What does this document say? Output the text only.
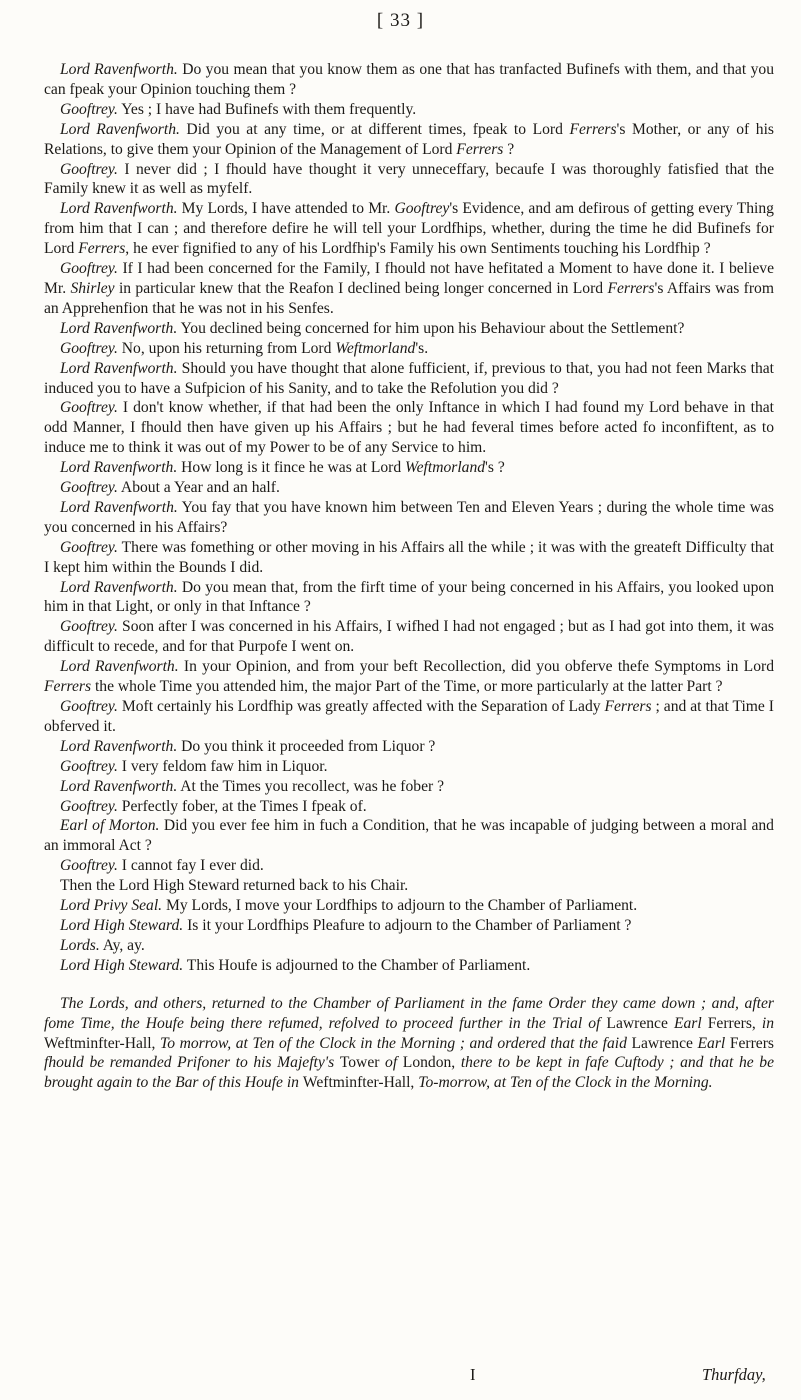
[ 33 ]

Lord Ravenfworth. Do you mean that you know them as one that has tranfacted Bufinefs with them, and that you can fpeak your Opinion touching them ?

Gooftrey. Yes ; I have had Bufinefs with them frequently.

Lord Ravenfworth. Did you at any time, or at different times, fpeak to Lord Ferrers's Mother, or any of his Relations, to give them your Opinion of the Management of Lord Ferrers ?

Gooftrey. I never did ; I fhould have thought it very unneceffary, becaufe I was thoroughly fatisfied that the Family knew it as well as myfelf.

Lord Ravenfworth. My Lords, I have attended to Mr. Gooftrey's Evidence, and am defirous of getting every Thing from him that I can ; and therefore defire he will tell your Lordfhips, whether, during the time he did Bufinefs for Lord Ferrers, he ever fignified to any of his Lordfhip's Family his own Sentiments touching his Lordfhip ?

Gooftrey. If I had been concerned for the Family, I fhould not have hefitated a Moment to have done it. I believe Mr. Shirley in particular knew that the Reafon I declined being longer concerned in Lord Ferrers's Affairs was from an Apprehenfion that he was not in his Senfes.

Lord Ravenfworth. You declined being concerned for him upon his Behaviour about the Settlement?

Gooftrey. No, upon his returning from Lord Weftmorland's.

Lord Ravenfworth. Should you have thought that alone fufficient, if, previous to that, you had not feen Marks that induced you to have a Sufpicion of his Sanity, and to take the Refolution you did ?

Gooftrey. I don't know whether, if that had been the only Inftance in which I had found my Lord behave in that odd Manner, I fhould then have given up his Affairs ; but he had feveral times before acted fo inconfiftent, as to induce me to think it was out of my Power to be of any Service to him.

Lord Ravenfworth. How long is it fince he was at Lord Weftmorland's ?

Gooftrey. About a Year and an half.

Lord Ravenfworth. You fay that you have known him between Ten and Eleven Years ; during the whole time was you concerned in his Affairs?

Gooftrey. There was fomething or other moving in his Affairs all the while ; it was with the greateft Difficulty that I kept him within the Bounds I did.

Lord Ravenfworth. Do you mean that, from the firft time of your being concerned in his Affairs, you looked upon him in that Light, or only in that Inftance ?

Gooftrey. Soon after I was concerned in his Affairs, I wifhed I had not engaged ; but as I had got into them, it was difficult to recede, and for that Purpofe I went on.

Lord Ravenfworth. In your Opinion, and from your beft Recollection, did you obferve thefe Symptoms in Lord Ferrers the whole Time you attended him, the major Part of the Time, or more particularly at the latter Part ?

Gooftrey. Moft certainly his Lordfhip was greatly affected with the Separation of Lady Ferrers ; and at that Time I obferved it.

Lord Ravenfworth. Do you think it proceeded from Liquor ?

Gooftrey. I very feldom faw him in Liquor.

Lord Ravenfworth. At the Times you recollect, was he fober ?

Gooftrey. Perfectly fober, at the Times I fpeak of.

Earl of Morton. Did you ever fee him in fuch a Condition, that he was incapable of judging between a moral and an immoral Act ?

Gooftrey. I cannot fay I ever did.

Then the Lord High Steward returned back to his Chair.

Lord Privy Seal. My Lords, I move your Lordfhips to adjourn to the Chamber of Parliament.

Lord High Steward. Is it your Lordfhips Pleafure to adjourn to the Chamber of Parliament ?

Lords. Ay, ay.

Lord High Steward. This Houfe is adjourned to the Chamber of Parliament.

The Lords, and others, returned to the Chamber of Parliament in the fame Order they came down ; and, after fome Time, the Houfe being there refumed, refolved to proceed further in the Trial of Lawrence Earl Ferrers, in Weftminfter-Hall, To morrow, at Ten of the Clock in the Morning ; and ordered that the faid Lawrence Earl Ferrers fhould be remanded Prifoner to his Majefty's Tower of London, there to be kept in fafe Cuftody ; and that he be brought again to the Bar of this Houfe in Weftminfter-Hall, To-morrow, at Ten of the Clock in the Morning.

I	Thurfday,
